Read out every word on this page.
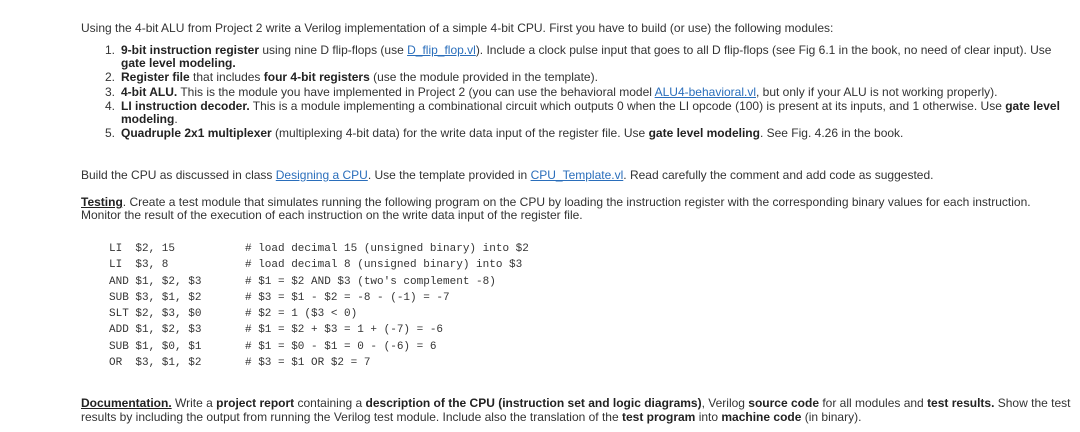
Using the 4-bit ALU from Project 2 write a Verilog implementation of a simple 4-bit CPU. First you have to build (or use) the following modules:

1. 9-bit instruction register using nine D flip-flops (use D_flip_flop.vl). Include a clock pulse input that goes to all D flip-flops (see Fig 6.1 in the book, no need of clear input). Use gate level modeling.
2. Register file that includes four 4-bit registers (use the module provided in the template).
3. 4-bit ALU. This is the module you have implemented in Project 2 (you can use the behavioral model ALU4-behavioral.vl, but only if your ALU is not working properly).
4. LI instruction decoder. This is a module implementing a combinational circuit which outputs 0 when the LI opcode (100) is present at its inputs, and 1 otherwise. Use gate level modeling.
5. Quadruple 2x1 multiplexer (multiplexing 4-bit data) for the write data input of the register file. Use gate level modeling. See Fig. 4.26 in the book.

Build the CPU as discussed in class Designing a CPU. Use the template provided in CPU_Template.vl. Read carefully the comment and add code as suggested.

Testing. Create a test module that simulates running the following program on the CPU by loading the instruction register with the corresponding binary values for each instruction. Monitor the result of the execution of each instruction on the write data input of the register file.

LI  $2, 15	# load decimal 15 (unsigned binary) into $2
LI  $3, 8	# load decimal 8 (unsigned binary) into $3
AND $1, $2, $3	# $1 = $2 AND $3 (two's complement -8)
SUB $3, $1, $2	# $3 = $1 - $2 = -8 - (-1) = -7
SLT $2, $3, $0	# $2 = 1 ($3 < 0)
ADD $1, $2, $3	# $1 = $2 + $3 = 1 + (-7) = -6
SUB $1, $0, $1	# $1 = $0 - $1 = 0 - (-6) = 6
OR  $3, $1, $2	# $3 = $1 OR $2 = 7

Documentation. Write a project report containing a description of the CPU (instruction set and logic diagrams), Verilog source code for all modules and test results. Show the test results by including the output from running the Verilog test module. Include also the translation of the test program into machine code (in binary).
